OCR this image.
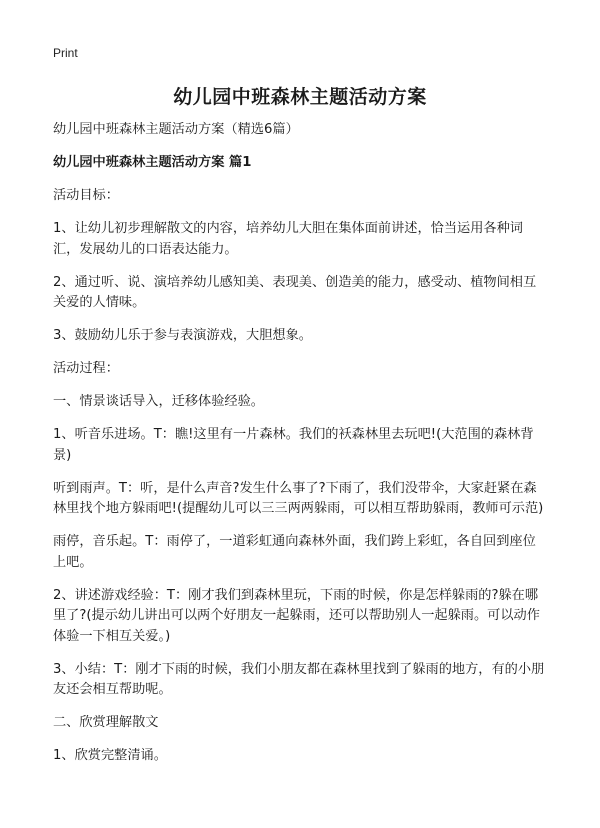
Print
幼儿园中班森林主题活动方案

幼儿园中班森林主题活动方案（精选6篇）

幼儿园中班森林主题活动方案 篇1

活动目标：

1、让幼儿初步理解散文的内容，培养幼儿大胆在集体面前讲述，恰当运用各种词汇，发展幼儿的口语表达能力。

2、通过听、说、演培养幼儿感知美、表现美、创造美的能力，感受动、植物间相互关爱的人情味。

3、鼓励幼儿乐于参与表演游戏，大胆想象。

活动过程：

一、情景谈话导入，迁移体验经验。

1、听音乐进场。T：瞧!这里有一片森林。我们的袄森林里去玩吧!(大范围的森林背景)

听到雨声。T：听，是什么声音?发生什么事了?下雨了，我们没带伞，大家赶紧在森林里找个地方躲雨吧!(提醒幼儿可以三三两两躲雨，可以相互帮助躲雨，教师可示范)

雨停，音乐起。T：雨停了，一道彩虹通向森林外面，我们跨上彩虹，各自回到座位上吧。

2、讲述游戏经验：T：刚才我们到森林里玩，下雨的时候，你是怎样躲雨的?躲在哪里了?(提示幼儿讲出可以两个好朋友一起躲雨，还可以帮助别人一起躲雨。可以动作体验一下相互关爱。)

3、小结：T：刚才下雨的时候，我们小朋友都在森林里找到了躲雨的地方，有的小朋友还会相互帮助呢。

二、欣赏理解散文

1、欣赏完整清诵。
